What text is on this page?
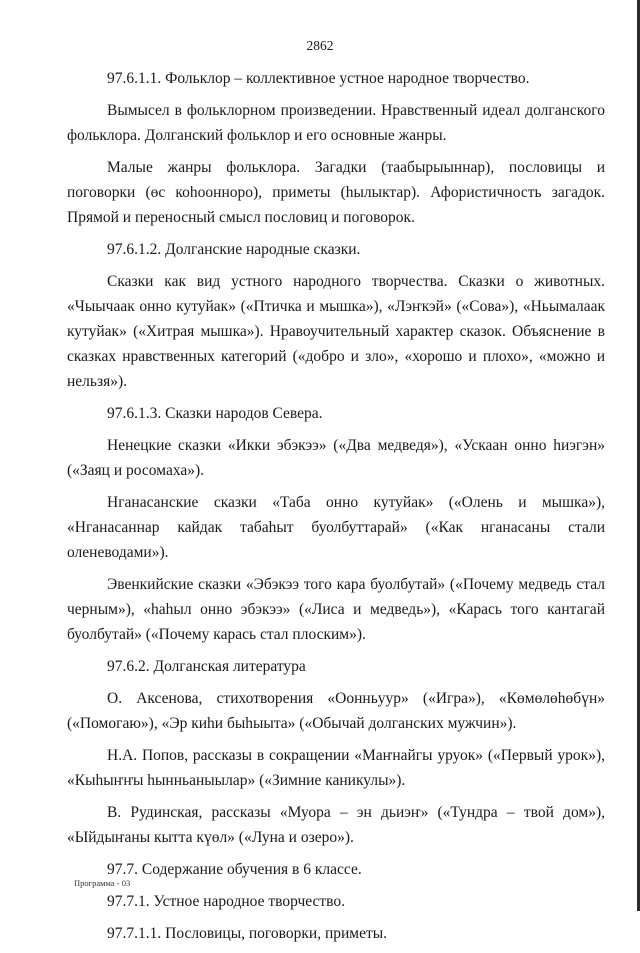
2862

97.6.1.1. Фольклор – коллективное устное народное творчество.

Вымысел в фольклорном произведении. Нравственный идеал долганского фольклора. Долганский фольклор и его основные жанры.

Малые жанры фольклора. Загадки (таабырыыннар), пословицы и поговорки (өс коһоонноро), приметы (һылыктар). Афористичность загадок. Прямой и переносный смысл пословиц и поговорок.

97.6.1.2. Долганские народные сказки.

Сказки как вид устного народного творчества. Сказки о животных. «Чыычаак онно кутуйак» («Птичка и мышка»), «Лэҥкэй» («Сова»), «Ньымалаак кутуйак» («Хитрая мышка»). Нравоучительный характер сказок. Объяснение в сказках нравственных категорий («добро и зло», «хорошо и плохо», «можно и нельзя»).

97.6.1.3. Сказки народов Севера.

Ненецкие сказки «Икки эбэкээ» («Два медведя»), «Ускаан онно һиэгэн» («Заяц и росомаха»).

Нганасанские сказки «Таба онно кутуйак» («Олень и мышка»), «Нганасаннар кайдак табаһыт буолбуттарай» («Как нганасаны стали оленеводами»).

Эвенкийские сказки «Эбэкээ того кара буолбутай» («Почему медведь стал черным»), «һаһыл онно эбэкээ» («Лиса и медведь»), «Карась того кантагай буолбутай» («Почему карась стал плоским»).

97.6.2. Долганская литература

О. Аксенова, стихотворения «Оонньуур» («Игра»), «Көмөлөһөбүн» («Помогаю»), «Эр киһи быһыыта» («Обычай долганских мужчин»).

Н.А. Попов, рассказы в сокращении «Маҥнайгы уруок» («Первый урок»), «Кыһыҥҥы һынньаныылар» («Зимние каникулы»).

В. Рудинская, рассказы «Муора – эн дьиэҥ» («Тундра – твой дом»), «Ыйдыҥаны кытта күөл» («Луна и озеро»).

97.7. Содержание обучения в 6 классе.

97.7.1. Устное народное творчество.

97.7.1.1. Пословицы, поговорки, приметы.

Программа - 03
